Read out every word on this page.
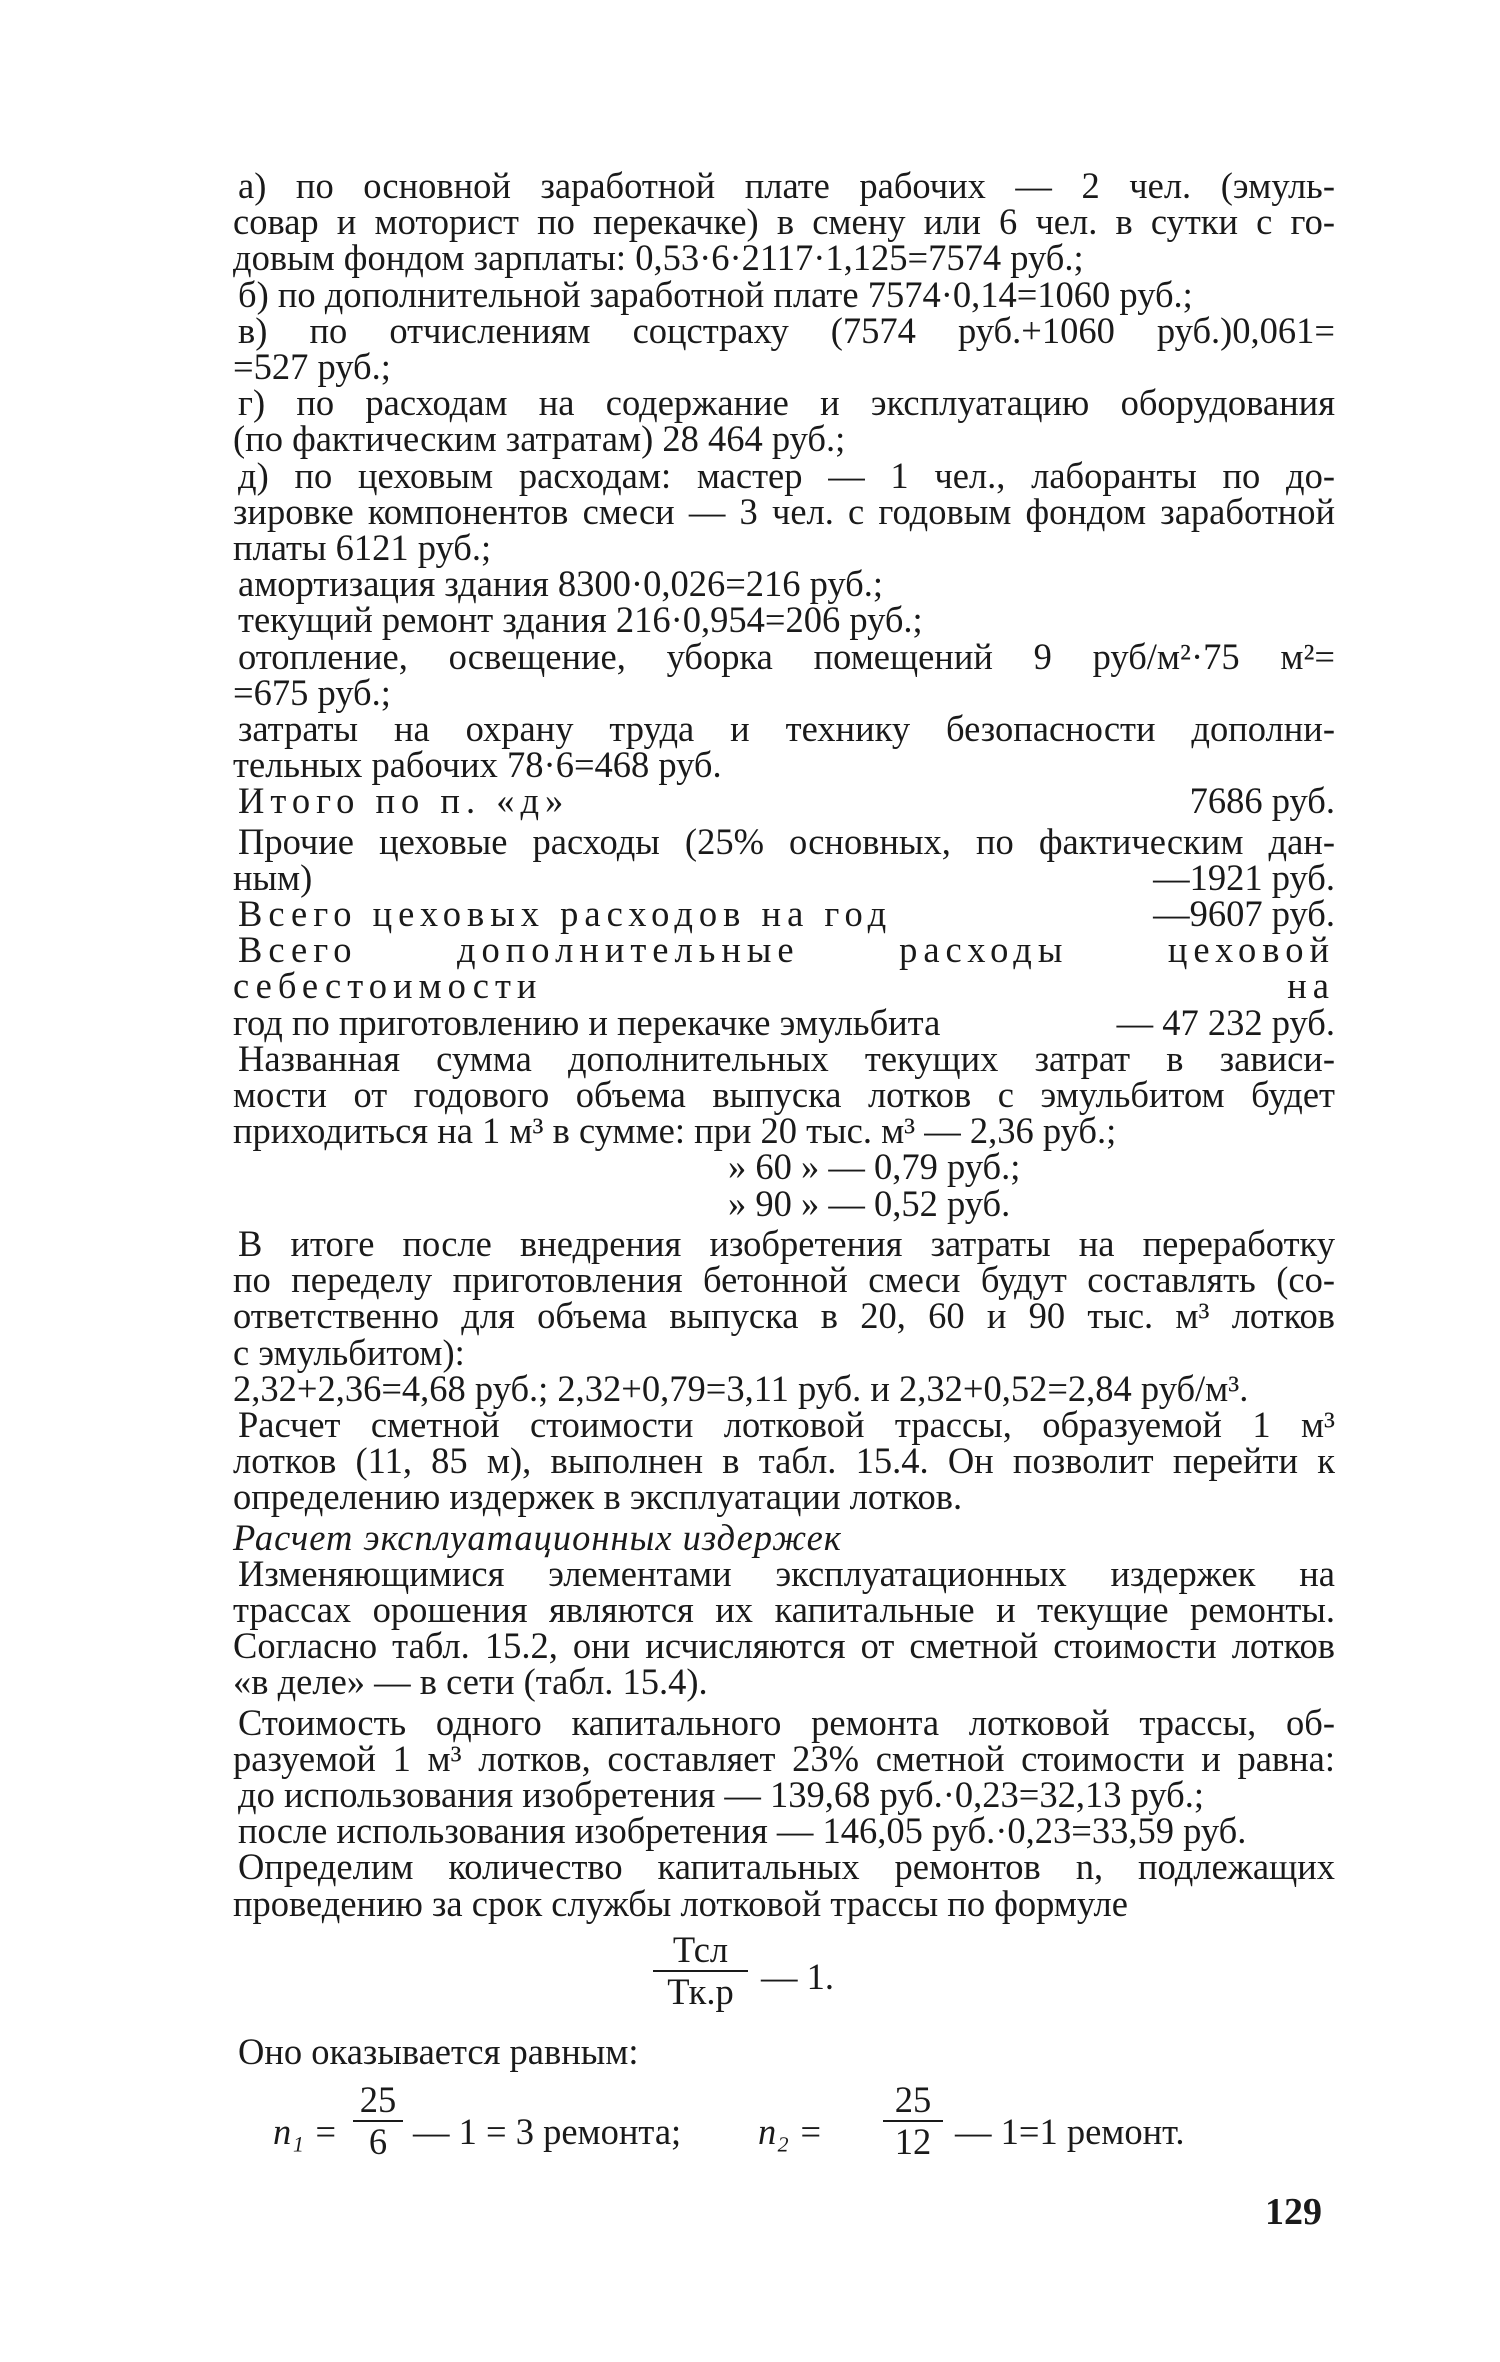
а) по основной заработной плате рабочих — 2 чел. (эмуль-
совар и моторист по перекачке) в смену или 6 чел. в сутки с го-
довым фондом зарплаты: 0,53·6·2117·1,125=7574 руб.;

б) по дополнительной заработной плате 7574·0,14=1060 руб.;

в) по отчислениям соцстраху (7574 руб.+1060 руб.)0,061=
=527 руб.;

г) по расходам на содержание и эксплуатацию оборудования
(по фактическим затратам) 28 464 руб.;

д) по цеховым расходам: мастер — 1 чел., лаборанты по до-
зировке компонентов смеси — 3 чел. с годовым фондом заработной
платы 6121 руб.;

амортизация здания 8300·0,026=216 руб.;

текущий ремонт здания 216·0,954=206 руб.;

отопление, освещение, уборка помещений 9 руб/м²·75 м²=
=675 руб.;

затраты на охрану труда и технику безопасности дополни-
тельных рабочих 78·6=468 руб.

Итого по п. «д»	7686 руб.

Прочие цеховые расходы (25% основных, по фактическим дан-
ным)	—1921 руб.

Всего цеховых расходов на год	—9607 руб.

Всего дополнительные расходы цеховой себестоимости на
год по приготовлению и перекачке эмульбита	— 47 232 руб.

Названная сумма дополнительных текущих затрат в зависи-
мости от годового объема выпуска лотков с эмульбитом будет
приходиться на 1 м³ в сумме: при 20 тыс. м³ — 2,36 руб.;
» 60 » — 0,79 руб.;
» 90 » — 0,52 руб.

В итоге после внедрения изобретения затраты на переработку
по переделу приготовления бетонной смеси будут составлять (со-
ответственно для объема выпуска в 20, 60 и 90 тыс. м³ лотков
с эмульбитом):
2,32+2,36=4,68 руб.; 2,32+0,79=3,11 руб. и 2,32+0,52=2,84 руб/м³.

Расчет сметной стоимости лотковой трассы, образуемой 1 м³
лотков (11, 85 м), выполнен в табл. 15.4. Он позволит перейти к
определению издержек в эксплуатации лотков.

Расчет эксплуатационных издержек

Изменяющимися элементами эксплуатационных издержек на
трассах орошения являются их капитальные и текущие ремонты.
Согласно табл. 15.2, они исчисляются от сметной стоимости лотков
«в деле» — в сети (табл. 15.4).

Стоимость одного капитального ремонта лотковой трассы, об-
разуемой 1 м³ лотков, составляет 23% сметной стоимости и равна:
до использования изобретения — 139,68 руб.·0,23=32,13 руб.;
после использования изобретения — 146,05 руб.·0,23=33,59 руб.

Определим количество капитальных ремонтов n, подлежащих
проведению за срок службы лотковой трассы по формуле

Тсл
Тк.р — 1.

Оно оказывается равным:

n₁ =
25
6 — 1 = 3 ремонта; n₂ =
25
12 — 1=1 ремонт.
129
